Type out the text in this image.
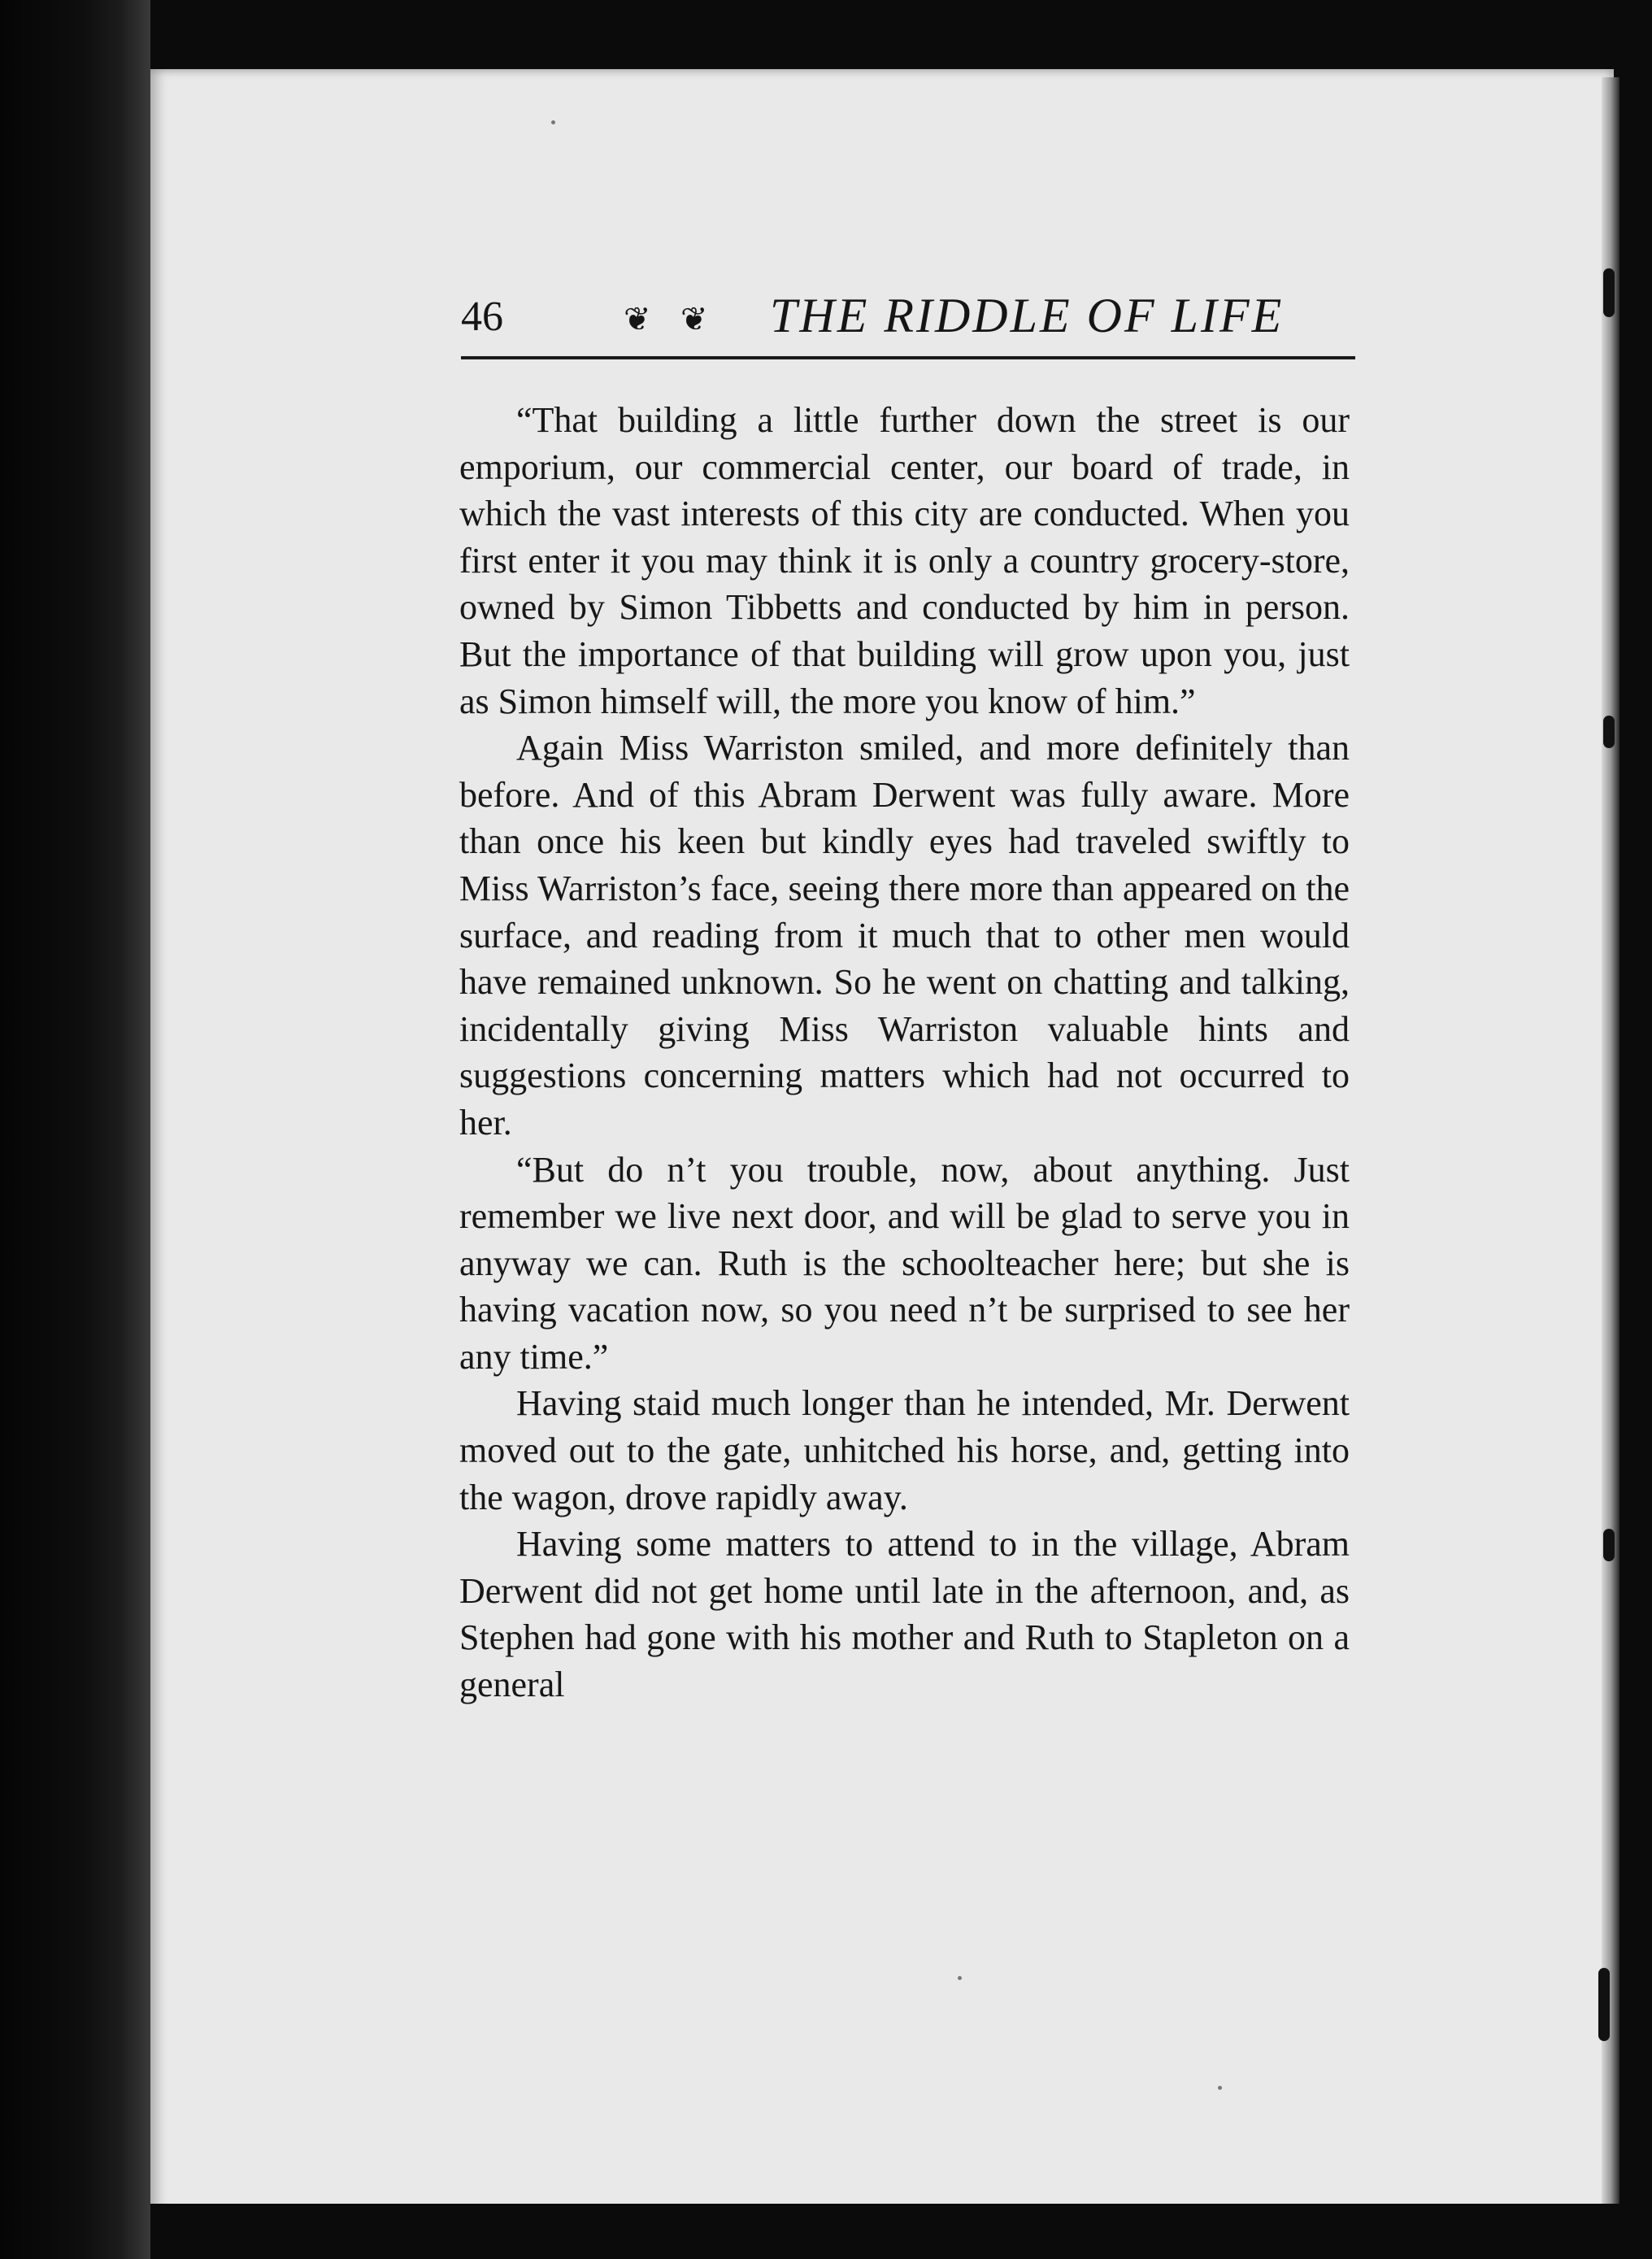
46	❦ ❦ THE RIDDLE OF LIFE

“That building a little further down the street is our emporium, our commercial center, our board of trade, in which the vast interests of this city are conducted. When you first enter it you may think it is only a country grocery-store, owned by Simon Tibbetts and conducted by him in person. But the importance of that building will grow upon you, just as Simon himself will, the more you know of him.”

Again Miss Warriston smiled, and more definitely than before. And of this Abram Derwent was fully aware. More than once his keen but kindly eyes had traveled swiftly to Miss Warriston’s face, seeing there more than appeared on the surface, and reading from it much that to other men would have remained unknown. So he went on chatting and talking, incidentally giving Miss Warriston valuable hints and suggestions concerning matters which had not occurred to her.

“But do n’t you trouble, now, about anything. Just remember we live next door, and will be glad to serve you in anyway we can. Ruth is the schoolteacher here; but she is having vacation now, so you need n’t be surprised to see her any time.”

Having staid much longer than he intended, Mr. Derwent moved out to the gate, unhitched his horse, and, getting into the wagon, drove rapidly away.

Having some matters to attend to in the village, Abram Derwent did not get home until late in the afternoon, and, as Stephen had gone with his mother and Ruth to Stapleton on a general
